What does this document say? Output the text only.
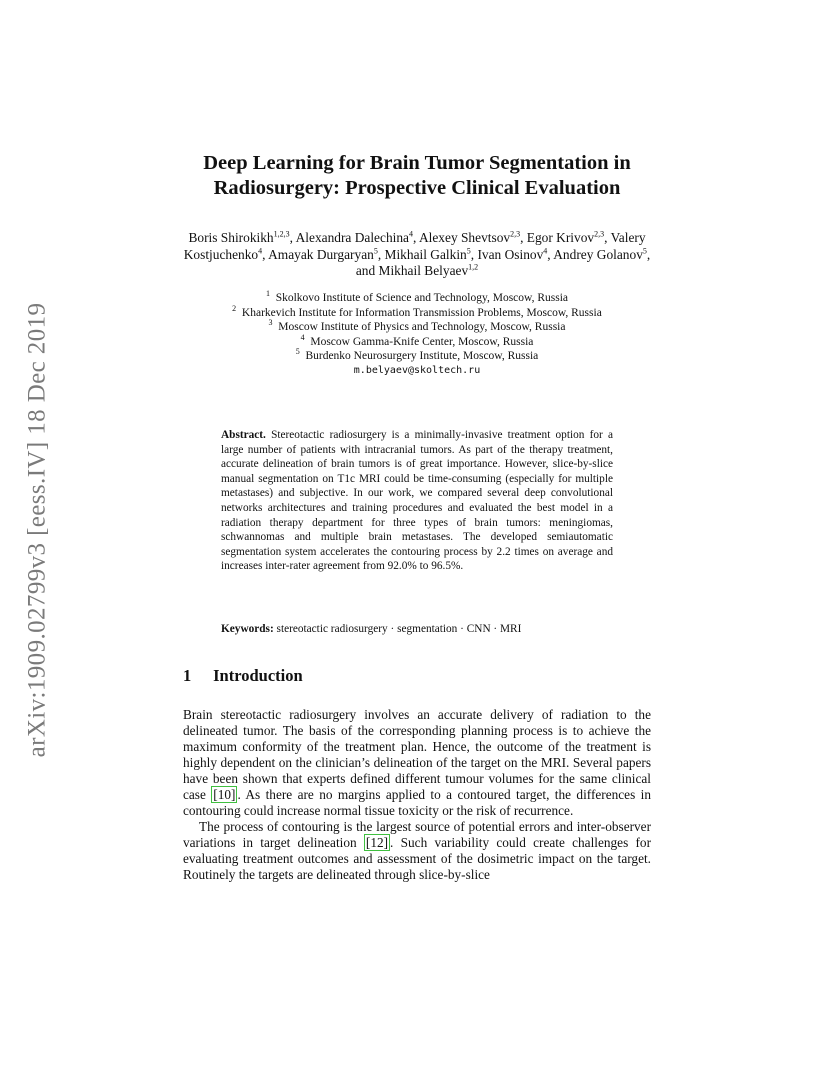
arXiv:1909.02799v3 [eess.IV] 18 Dec 2019
Deep Learning for Brain Tumor Segmentation in Radiosurgery: Prospective Clinical Evaluation
Boris Shirokikh$^{1,2,3}$, Alexandra Dalechina$^4$, Alexey Shevtsov$^{2,3}$, Egor Krivov$^{2,3}$, Valery Kostjuchenko$^4$, Amayak Durgaryan$^5$, Mikhail Galkin$^5$, Ivan Osinov$^4$, Andrey Golanov$^5$, and Mikhail Belyaev$^{1,2}$
$^1$  Skolkovo Institute of Science and Technology, Moscow, Russia
$^2$  Kharkevich Institute for Information Transmission Problems, Moscow, Russia
$^3$  Moscow Institute of Physics and Technology, Moscow, Russia
$^4$  Moscow Gamma-Knife Center, Moscow, Russia
$^5$  Burdenko Neurosurgery Institute, Moscow, Russia
m.belyaev@skoltech.ru
Abstract. Stereotactic radiosurgery is a minimally-invasive treatment option for a large number of patients with intracranial tumors. As part of the therapy treatment, accurate delineation of brain tumors is of great importance. However, slice-by-slice manual segmentation on T1c MRI could be time-consuming (especially for multiple metastases) and subjective. In our work, we compared several deep convolutional networks architectures and training procedures and evaluated the best model in a radiation therapy department for three types of brain tumors: meningiomas, schwannomas and multiple brain metastases. The developed semiautomatic segmentation system accelerates the contouring process by 2.2 times on average and increases inter-rater agreement from 92.0% to 96.5%.
Keywords: stereotactic radiosurgery · segmentation · CNN · MRI
1 Introduction

Brain stereotactic radiosurgery involves an accurate delivery of radiation to the delineated tumor. The basis of the corresponding planning process is to achieve the maximum conformity of the treatment plan. Hence, the outcome of the treatment is highly dependent on the clinician’s delineation of the target on the MRI. Several papers have been shown that experts defined different tumour volumes for the same clinical case [10] . As there are no margins applied to a contoured target, the differences in contouring could increase normal tissue toxicity or the risk of recurrence.

The process of contouring is the largest source of potential errors and inter-observer variations in target delineation [12] . Such variability could create challenges for evaluating treatment outcomes and assessment of the dosimetric impact on the target. Routinely the targets are delineated through slice-by-slice
